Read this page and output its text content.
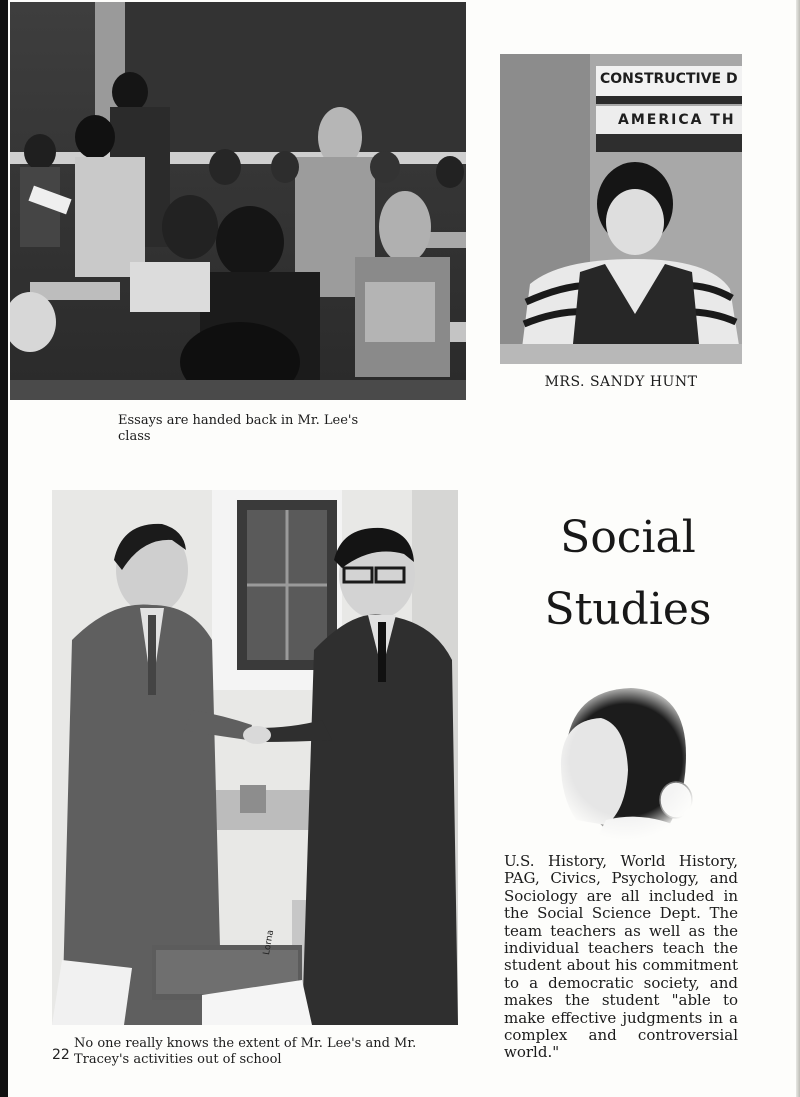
Essays are handed back in Mr. Lee's class
CONSTRUCTIVE D
AMERICA TH
MRS. SANDY HUNT
Lorna
22
No one really knows the extent of Mr. Lee's and Mr.
Tracey's activities out of school
Social
Studies
U.S. History, World History, PAG, Civics, Psychology, and Sociology are all included in the Social Science Dept. The team teachers as well as the individual teachers teach the student about his commitment to a democratic society, and makes the student "able to make effective judgments in a complex and controversial world."
